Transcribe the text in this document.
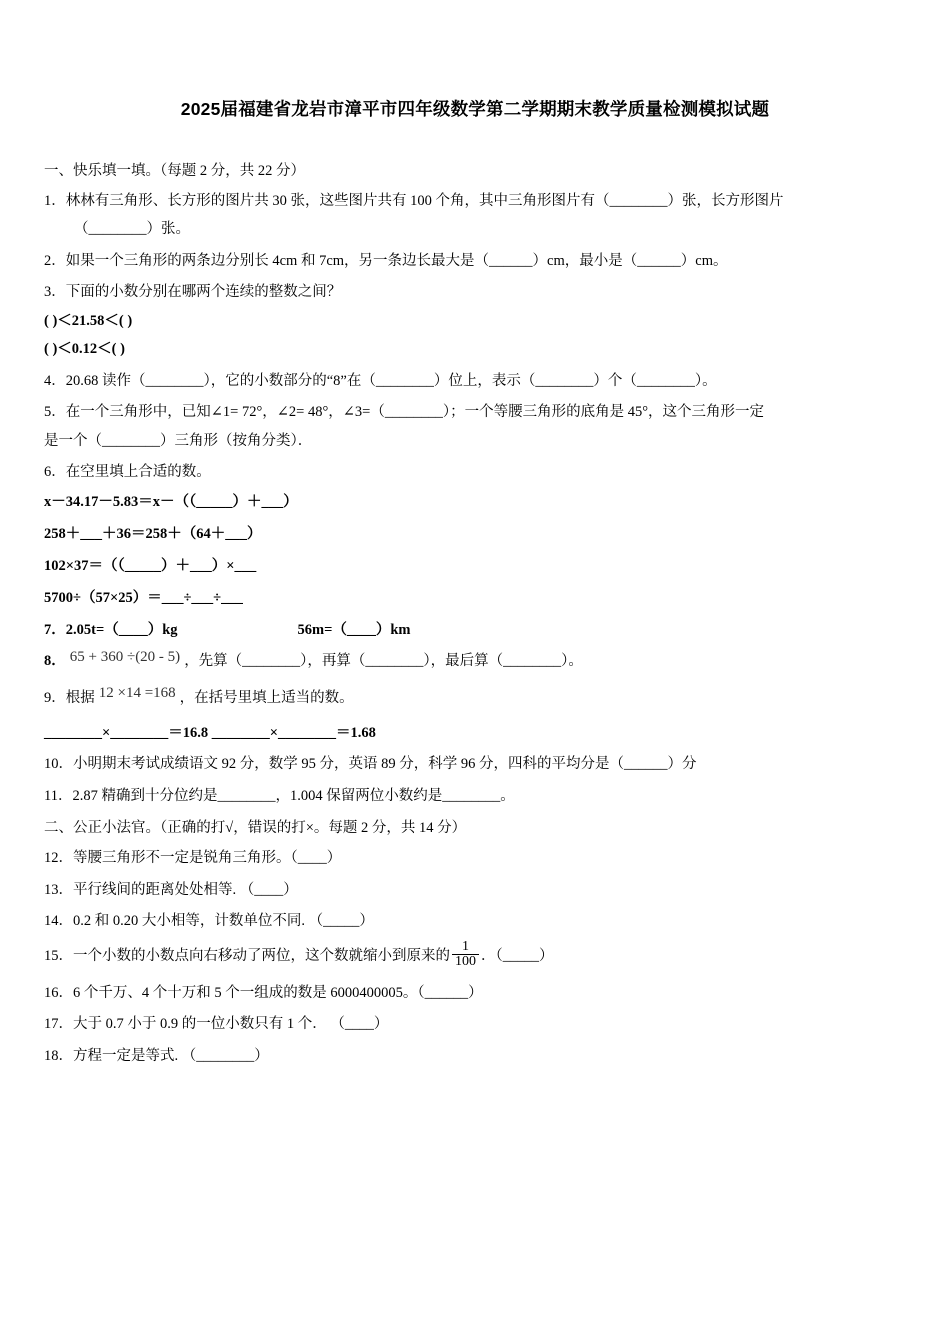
2025届福建省龙岩市漳平市四年级数学第二学期期末教学质量检测模拟试题
一、快乐填一填。（每题 2 分，共 22 分）
1．林林有三角形、长方形的图片共 30 张，这些图片共有 100 个角，其中三角形图片有（________）张，长方形图片
（________）张。
2．如果一个三角形的两条边分别长 4cm 和 7cm，另一条边长最大是（______）cm，最小是（______）cm。
3．下面的小数分别在哪两个连续的整数之间？
( )＜21.58＜( )
( )＜0.12＜( )
4．20.68 读作（________），它的小数部分的“8”在（________）位上，表示（________）个（________）。
5．在一个三角形中，已知∠1= 72°，∠2= 48°，∠3=（________）；一个等腰三角形的底角是 45°，这个三角形一定
是一个（________）三角形（按角分类）．
6．在空里填上合适的数。
x－34.17－5.83＝x－（（_____）＋___）
258＋___＋36＝258＋（64＋___）
102×37＝（（_____）＋___）×___
5700÷（57×25）＝___÷___÷___
7．2.05t=（____）kg	56m=（____）km
8． 65 + 360 ÷(20 - 5) ，先算（________），再算（________），最后算（________）。
9．根据 12 ×14 =168 ，在括号里填上适当的数。
________×________＝16.8 ________×________＝1.68
10．小明期末考试成绩语文 92 分，数学 95 分，英语 89 分，科学 96 分，四科的平均分是（______）分
11．2.87 精确到十分位约是________，1.004 保留两位小数约是________。
二、公正小法官。（正确的打√，错误的打×。每题 2 分，共 14 分）
12．等腰三角形不一定是锐角三角形。（____）
13．平行线间的距离处处相等. （____）
14．0.2 和 0.20 大小相等，计数单位不同. （_____）
15．一个小数的小数点向右移动了两位，这个数就缩小到原来的 $\frac{1}{100}$ ．（_____）
16．6 个千万、4 个十万和 5 个一组成的数是 6000400005。（______）
17．大于 0.7 小于 0.9 的一位小数只有 1 个． （____）
18．方程一定是等式. （________）
